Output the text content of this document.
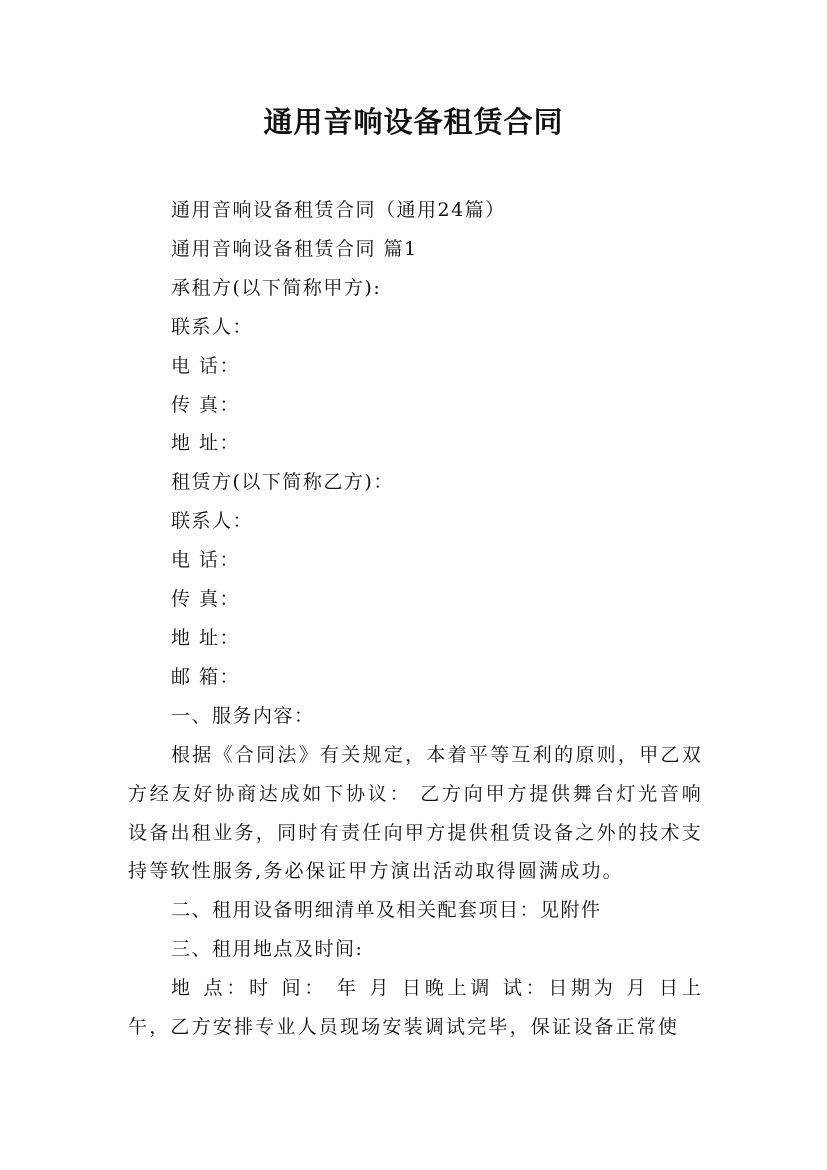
通用音响设备租赁合同

通用音响设备租赁合同（通用24篇）

通用音响设备租赁合同 篇1

承租方(以下简称甲方):

联系人：

电 话：

传 真：

地 址：

租赁方(以下简称乙方)：

联系人：

电 话：

传 真：

地 址：

邮 箱：

一、服务内容：

根据《合同法》有关规定，本着平等互利的原则，甲乙双方经友好协商达成如下协议： 乙方向甲方提供舞台灯光音响设备出租业务，同时有责任向甲方提供租赁设备之外的技术支持等软性服务,务必保证甲方演出活动取得圆满成功。

二、租用设备明细清单及相关配套项目：见附件

三、租用地点及时间:

地 点：时 间： 年 月 日晚上调 试：日期为 月 日上午，乙方安排专业人员现场安装调试完毕，保证设备正常使
